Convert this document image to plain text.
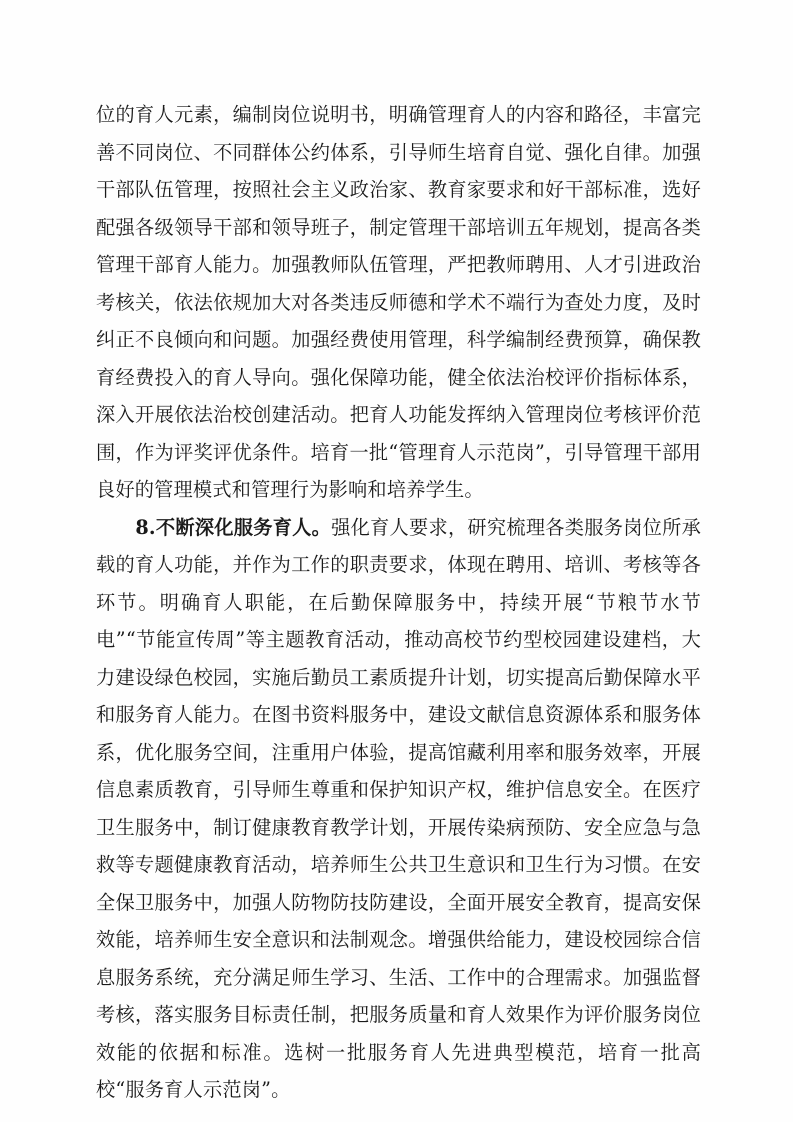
位的育人元素，编制岗位说明书，明确管理育人的内容和路径，丰富完善不同岗位、不同群体公约体系，引导师生培育自觉、强化自律。加强干部队伍管理，按照社会主义政治家、教育家要求和好干部标准，选好配强各级领导干部和领导班子，制定管理干部培训五年规划，提高各类管理干部育人能力。加强教师队伍管理，严把教师聘用、人才引进政治考核关，依法依规加大对各类违反师德和学术不端行为查处力度，及时纠正不良倾向和问题。加强经费使用管理，科学编制经费预算，确保教育经费投入的育人导向。强化保障功能，健全依法治校评价指标体系，深入开展依法治校创建活动。把育人功能发挥纳入管理岗位考核评价范围，作为评奖评优条件。培育一批“管理育人示范岗”，引导管理干部用良好的管理模式和管理行为影响和培养学生。

8.不断深化服务育人。强化育人要求，研究梳理各类服务岗位所承载的育人功能，并作为工作的职责要求，体现在聘用、培训、考核等各环节。明确育人职能，在后勤保障服务中，持续开展“节粮节水节电”“节能宣传周”等主题教育活动，推动高校节约型校园建设建档，大力建设绿色校园，实施后勤员工素质提升计划，切实提高后勤保障水平和服务育人能力。在图书资料服务中，建设文献信息资源体系和服务体系，优化服务空间，注重用户体验，提高馆藏利用率和服务效率，开展信息素质教育，引导师生尊重和保护知识产权，维护信息安全。在医疗卫生服务中，制订健康教育教学计划，开展传染病预防、安全应急与急救等专题健康教育活动，培养师生公共卫生意识和卫生行为习惯。在安全保卫服务中，加强人防物防技防建设，全面开展安全教育，提高安保效能，培养师生安全意识和法制观念。增强供给能力，建设校园综合信息服务系统，充分满足师生学习、生活、工作中的合理需求。加强监督考核，落实服务目标责任制，把服务质量和育人效果作为评价服务岗位效能的依据和标准。选树一批服务育人先进典型模范，培育一批高校“服务育人示范岗”。
